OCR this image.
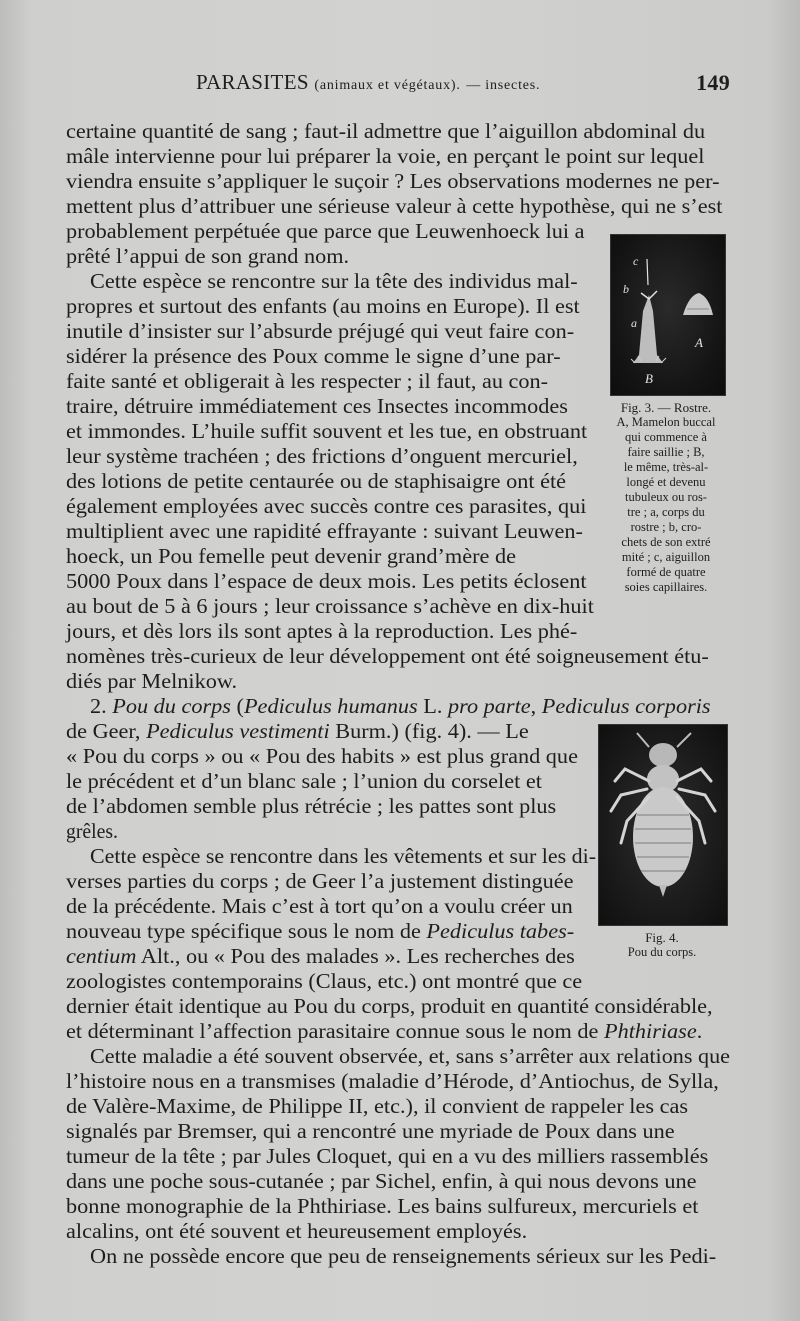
PARASITES (animaux et végétaux). — insectes.	149
certaine quantité de sang ; faut-il admettre que l’aiguillon abdominal du
mâle intervienne pour lui préparer la voie, en perçant le point sur lequel
viendra ensuite s’appliquer le suçoir ? Les observations modernes ne per-
mettent plus d’attribuer une sérieuse valeur à cette hypothèse, qui ne s’est
probablement perpétuée que parce que Leuwenhoeck lui a
prêté l’appui de son grand nom.
Cette espèce se rencontre sur la tête des individus mal-
propres et surtout des enfants (au moins en Europe). Il est
inutile d’insister sur l’absurde préjugé qui veut faire con-
sidérer la présence des Poux comme le signe d’une par-
faite santé et obligerait à les respecter ; il faut, au con-
traire, détruire immédiatement ces Insectes incommodes
et immondes. L’huile suffit souvent et les tue, en obstruant
leur système trachéen ; des frictions d’onguent mercuriel,
des lotions de petite centaurée ou de staphisaigre ont été
également employées avec succès contre ces parasites, qui
multiplient avec une rapidité effrayante : suivant Leuwen-
hoeck, un Pou femelle peut devenir grand’mère de
5000 Poux dans l’espace de deux mois. Les petits éclosent
au bout de 5 à 6 jours ; leur croissance s’achève en dix-huit
jours, et dès lors ils sont aptes à la reproduction. Les phé-
nomènes très-curieux de leur développement ont été soigneusement étu-
diés par Melnikow.
2. Pou du corps (Pediculus humanus L. pro parte, Pediculus corporis
de Geer, Pediculus vestimenti Burm.) (fig. 4). — Le
« Pou du corps » ou « Pou des habits » est plus grand que
le précédent et d’un blanc sale ; l’union du corselet et
de l’abdomen semble plus rétrécie ; les pattes sont plus
grêles.
Cette espèce se rencontre dans les vêtements et sur les di-
verses parties du corps ; de Geer l’a justement distinguée
de la précédente. Mais c’est à tort qu’on a voulu créer un
nouveau type spécifique sous le nom de Pediculus tabes-
centium Alt., ou « Pou des malades ». Les recherches des
zoologistes contemporains (Claus, etc.) ont montré que ce
dernier était identique au Pou du corps, produit en quantité considérable,
et déterminant l’affection parasitaire connue sous le nom de Phthiriase.
Cette maladie a été souvent observée, et, sans s’arrêter aux relations que
l’histoire nous en a transmises (maladie d’Hérode, d’Antiochus, de Sylla,
de Valère-Maxime, de Philippe II, etc.), il convient de rappeler les cas
signalés par Bremser, qui a rencontré une myriade de Poux dans une
tumeur de la tête ; par Jules Cloquet, qui en a vu des milliers rassemblés
dans une poche sous-cutanée ; par Sichel, enfin, à qui nous devons une
bonne monographie de la Phthiriase. Les bains sulfureux, mercuriels et
alcalins, ont été souvent et heureusement employés.
On ne possède encore que peu de renseignements sérieux sur les Pedi-
c
b
a
A
B
Fig. 3. — Rostre.
A, Mamelon buccal
qui commence à
faire saillie ; B,
le même, très-al-
longé et devenu
tubuleux ou ros-
tre ; a, corps du
rostre ; b, cro-
chets de son extré
mité ; c, aiguillon
formé de quatre
soies capillaires.
Fig. 4.
Pou du corps.
